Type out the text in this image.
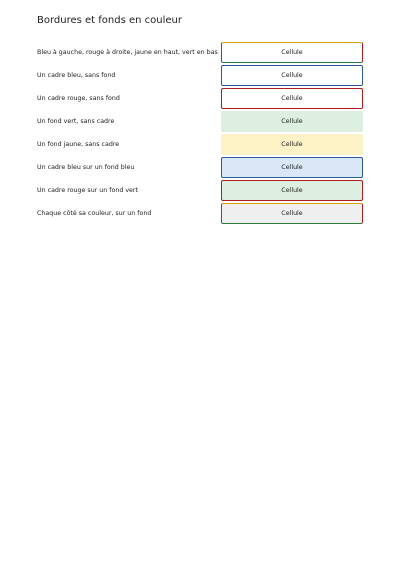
Bordures et fonds en couleur
Bleu à gauche, rouge à droite, jaune en haut, vert en bas	Cellule
Un cadre bleu, sans fond	Cellule
Un cadre rouge, sans fond	Cellule
Un fond vert, sans cadre	Cellule
Un fond jaune, sans cadre	Cellule
Un cadre bleu sur un fond bleu	Cellule
Un cadre rouge sur un fond vert	Cellule
Chaque côté sa couleur, sur un fond	Cellule
